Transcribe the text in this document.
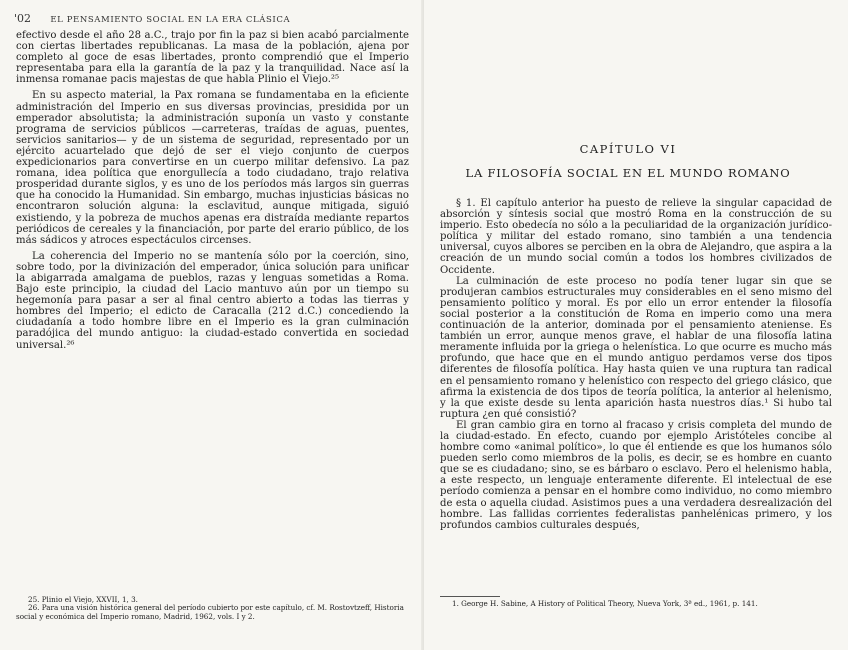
'02 EL PENSAMIENTO SOCIAL EN LA ERA CLÁSICA

efectivo desde el año 28 a.C., trajo por fin la paz si bien acabó parcialmente con ciertas libertades republicanas. La masa de la población, ajena por completo al goce de esas libertades, pronto comprendió que el Imperio representaba para ella la garantía de la paz y la tranquilidad. Nace así la inmensa romanae pacis majestas de que habla Plinio el Viejo.²⁵

En su aspecto material, la Pax romana se fundamentaba en la eficiente administración del Imperio en sus diversas provincias, presidida por un emperador absolutista; la administración suponía un vasto y constante programa de servicios públicos —carreteras, traídas de aguas, puentes, servicios sanitarios— y de un sistema de seguridad, representado por un ejército acuartelado que dejó de ser el viejo conjunto de cuerpos expedicionarios para convertirse en un cuerpo militar defensivo. La paz romana, idea política que enorgullecía a todo ciudadano, trajo relativa prosperidad durante siglos, y es uno de los períodos más largos sin guerras que ha conocido la Humanidad. Sin embargo, muchas injusticias básicas no encontraron solución alguna: la esclavitud, aunque mitigada, siguió existiendo, y la pobreza de muchos apenas era distraída mediante repartos periódicos de cereales y la financiación, por parte del erario público, de los más sádicos y atroces espectáculos circenses.

La coherencia del Imperio no se mantenía sólo por la coerción, sino, sobre todo, por la divinización del emperador, única solución para unificar la abigarrada amalgama de pueblos, razas y lenguas sometidas a Roma. Bajo este principio, la ciudad del Lacio mantuvo aún por un tiempo su hegemonía para pasar a ser al final centro abierto a todas las tierras y hombres del Imperio; el edicto de Caracalla (212 d.C.) concediendo la ciudadanía a todo hombre libre en el Imperio es la gran culminación paradójica del mundo antiguo: la ciudad-estado convertida en sociedad universal.²⁶

25. Plinio el Viejo, XXVII, 1, 3.

26. Para una visión histórica general del período cubierto por este capítulo, cf. M. Rostovtzeff, Historia social y económica del Imperio romano, Madrid, 1962, vols. I y 2.

CAPÍTULO VI
LA FILOSOFÍA SOCIAL EN EL MUNDO ROMANO

§ 1. El capítulo anterior ha puesto de relieve la singular capacidad de absorción y síntesis social que mostró Roma en la construcción de su imperio. Esto obedecía no sólo a la peculiaridad de la organización jurídico-política y militar del estado romano, sino también a una tendencia universal, cuyos albores se perciben en la obra de Alejandro, que aspira a la creación de un mundo social común a todos los hombres civilizados de Occidente.

La culminación de este proceso no podía tener lugar sin que se produjeran cambios estructurales muy considerables en el seno mismo del pensamiento político y moral. Es por ello un error entender la filosofía social posterior a la constitución de Roma en imperio como una mera continuación de la anterior, dominada por el pensamiento ateniense. Es también un error, aunque menos grave, el hablar de una filosofía latina meramente influida por la griega o helenística. Lo que ocurre es mucho más profundo, que hace que en el mundo antiguo perdamos verse dos tipos diferentes de filosofía política. Hay hasta quien ve una ruptura tan radical en el pensamiento romano y helenístico con respecto del griego clásico, que afirma la existencia de dos tipos de teoría política, la anterior al helenismo, y la que existe desde su lenta aparición hasta nuestros días.¹ Si hubo tal ruptura ¿en qué consistió?

El gran cambio gira en torno al fracaso y crisis completa del mundo de la ciudad-estado. En efecto, cuando por ejemplo Aristóteles concibe al hombre como «animal político», lo que él entiende es que los humanos sólo pueden serlo como miembros de la polis, es decir, se es hombre en cuanto que se es ciudadano; sino, se es bárbaro o esclavo. Pero el helenismo habla, a este respecto, un lenguaje enteramente diferente. El intelectual de ese período comienza a pensar en el hombre como individuo, no como miembro de esta o aquella ciudad. Asistimos pues a una verdadera desrealización del hombre. Las fallidas corrientes federalistas panhelénicas primero, y los profundos cambios culturales después,

1. George H. Sabine, A History of Political Theory, Nueva York, 3ª ed., 1961, p. 141.
